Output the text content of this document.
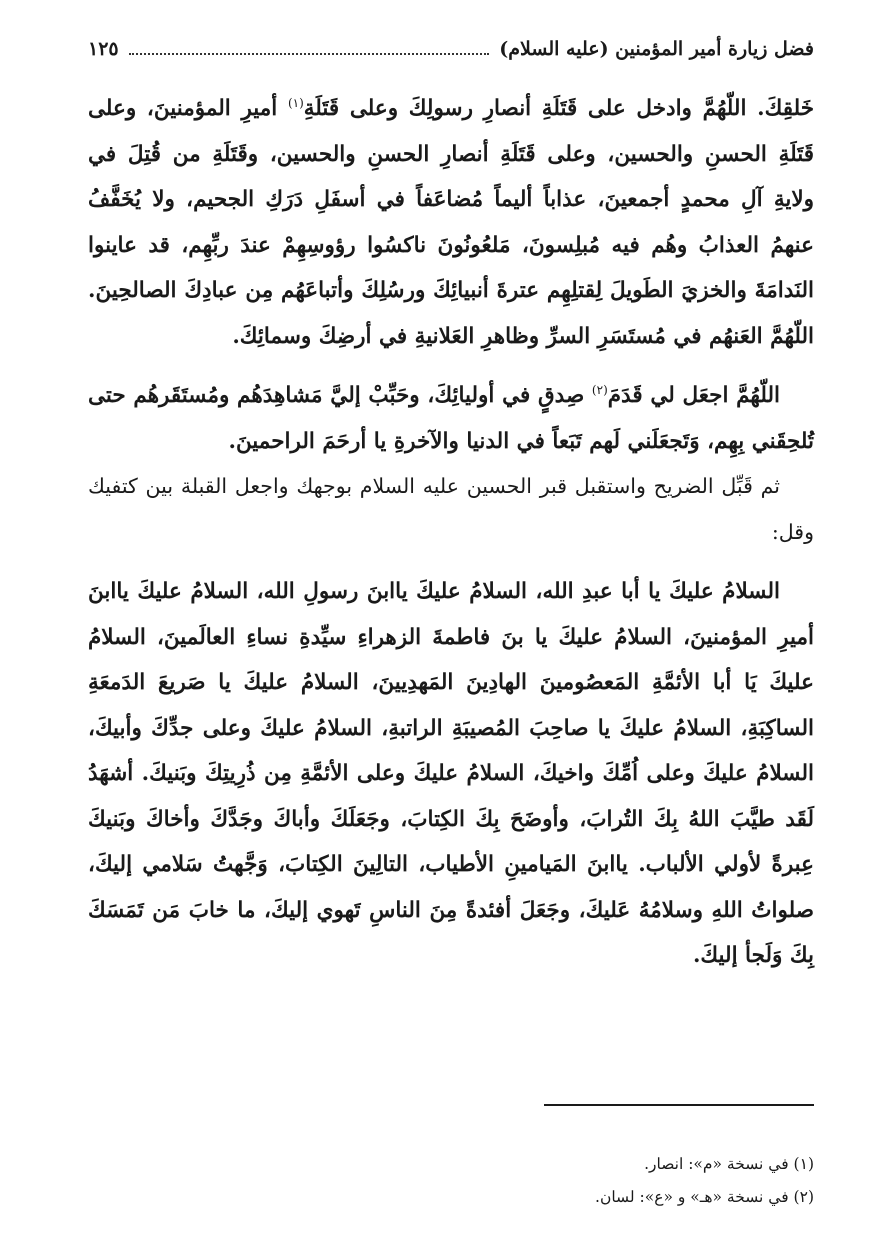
فضل زيارة أمير المؤمنين (عليه السلام)
١٢٥

خَلقِكَ. اللّهُمَّ وادخل على قَتَلَةِ أنصارِ رسولِكَ وعلى قَتَلَةِ$^{(١)}$ أميرِ المؤمنينَ، وعلى قَتَلَةِ الحسنِ والحسين، وعلى قَتَلَةِ أنصارِ الحسنِ والحسين، وقَتَلَةِ من قُتِلَ في ولايةِ آلِ محمدٍ أجمعينَ، عذاباً أليماً مُضاعَفاً في أسفَلِ دَرَكِ الجحيم، ولا يُخَفَّفُ عنهمُ العذابُ وهُم فيه مُبلِسونَ، مَلعُونُونَ ناكسُوا رؤوسِهِمْ عندَ ربِّهِم، قد عاينوا النَدامَةَ والخزيَ الطَويلَ لِقتلِهِم عترةَ أنبيائِكَ ورسُلِكَ وأتباعَهُم مِن عبادِكَ الصالحِينَ. اللّهُمَّ العَنهُم في مُستَسَرِ السرِّ وظاهرِ العَلانيةِ في أرضِكَ وسمائِكَ.

اللّهُمَّ اجعَل لي قَدَمَ$^{(٢)}$ صِدقٍ في أوليائِكَ، وحَبِّبْ إليَّ مَشاهِدَهُم ومُستَقَرهُم حتى تُلحِقَني بِهِم، وَتَجعَلَني لَهم تَبَعاً في الدنيا والآخرةِ يا أرحَمَ الراحمينَ.

ثم قَبِّل الضريح واستقبل قبر الحسين عليه السلام بوجهك واجعل القبلة بين كتفيك وقل:

السلامُ عليكَ يا أبا عبدِ الله، السلامُ عليكَ ياابنَ رسولِ الله، السلامُ عليكَ ياابنَ أميرِ المؤمنينَ، السلامُ عليكَ يا بنَ فاطمةَ الزهراءِ سيِّدةِ نساءِ العالَمينَ، السلامُ عليكَ يَا أبا الأئمَّةِ المَعصُومينَ الهادِينَ المَهدِيينَ، السلامُ عليكَ يا صَريعَ الدَمعَةِ الساكِبَةِ، السلامُ عليكَ يا صاحِبَ المُصيبَةِ الراتبةِ، السلامُ عليكَ وعلى جدِّكَ وأبيكَ، السلامُ عليكَ وعلى اُمِّكَ واخيكَ، السلامُ عليكَ وعلى الأئمَّةِ مِن ذُرِيتِكَ وبَنيكَ. أشهَدُ لَقَد طيَّبَ اللهُ بِكَ التُرابَ، وأوضَحَ بِكَ الكِتابَ، وجَعَلَكَ وأباكَ وجَدَّكَ وأخاكَ وبَنيكَ عِبرةً لأولي الألباب. ياابنَ المَيامينِ الأطياب، التالِينَ الكِتابَ، وَجَّهتُ سَلامي إليكَ، صلواتُ اللهِ وسلامُهُ عَليكَ، وجَعَلَ أفئدةً مِنَ الناسِ تَهوي إليكَ، ما خابَ مَن تَمَسَكَ بِكَ وَلَجأ إليكَ.

(١) في نسخة «م»: انصار.

(٢) في نسخة «هـ» و «ع»: لسان.
